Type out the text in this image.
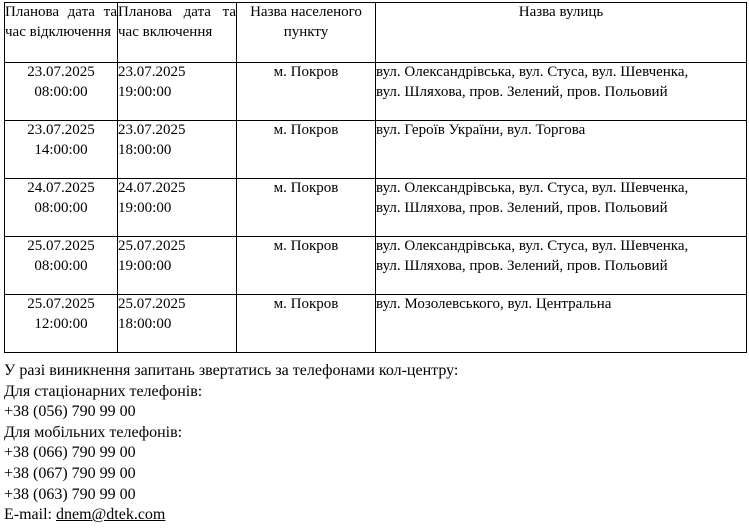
Планова дата та час відключення	Планова дата та час включення	Назва населеного пункту	Назва вулиць

23.07.2025
08:00:00	23.07.2025
19:00:00	м. Покров	вул. Олександрівська, вул. Стуса, вул. Шевченка,
вул. Шляхова, пров. Зелений, пров. Польовий

23.07.2025
14:00:00	23.07.2025
18:00:00	м. Покров	вул. Героїв України, вул. Торгова

24.07.2025
08:00:00	24.07.2025
19:00:00	м. Покров	вул. Олександрівська, вул. Стуса, вул. Шевченка,
вул. Шляхова, пров. Зелений, пров. Польовий

25.07.2025
08:00:00	25.07.2025
19:00:00	м. Покров	вул. Олександрівська, вул. Стуса, вул. Шевченка,
вул. Шляхова, пров. Зелений, пров. Польовий

25.07.2025
12:00:00	25.07.2025
18:00:00	м. Покров	вул. Мозолевського, вул. Центральна
У разі виникнення запитань звертатись за телефонами кол-центру:
Для стаціонарних телефонів:
+38 (056) 790 99 00
Для мобільних телефонів:
+38 (066) 790 99 00
+38 (067) 790 99 00
+38 (063) 790 99 00
E-mail: dnem@dtek.com
